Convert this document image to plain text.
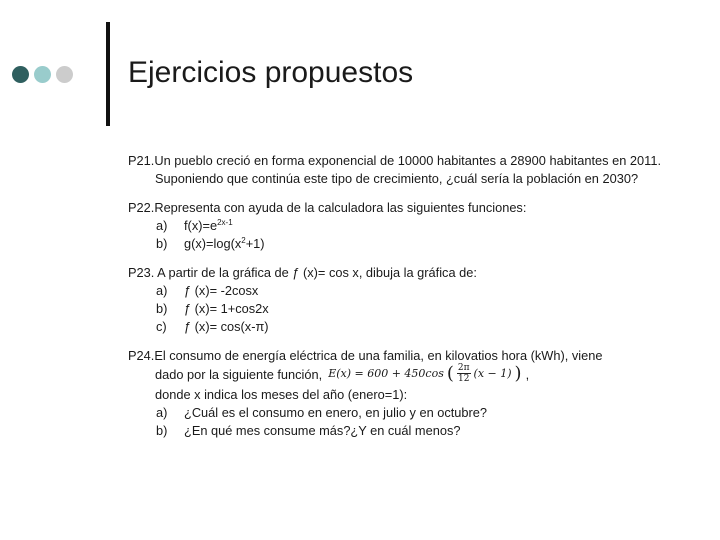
Ejercicios propuestos

P21.Un pueblo creció en forma exponencial de 10000 habitantes a 28900 habitantes en 2011. Suponiendo que continúa este tipo de crecimiento, ¿cuál sería la población en 2030?

P22.Representa con ayuda de la calculadora las siguientes funciones:

a)	$f(x)=e^{2x-1}$
b)	$g(x)=\log(x^2+1)$

P23. A partir de la gráfica de ƒ (x)= cos x, dibuja la gráfica de:

a)	ƒ (x)= -2cosx
b)	ƒ (x)= 1+cos2x
c)	ƒ (x)= cos(x-π)

P24.El consumo de energía eléctrica de una familia, en kilovatios hora (kWh), viene

dado por la siguiente función, E(x) = 600 + 450cos ( $\frac{2\pi}{12} (x - 1)$ ) ,
donde x indica los meses del año (enero=1):
a)	¿Cuál es el consumo en enero, en julio y en octubre?
b)	¿En qué mes consume más?¿Y en cuál menos?
